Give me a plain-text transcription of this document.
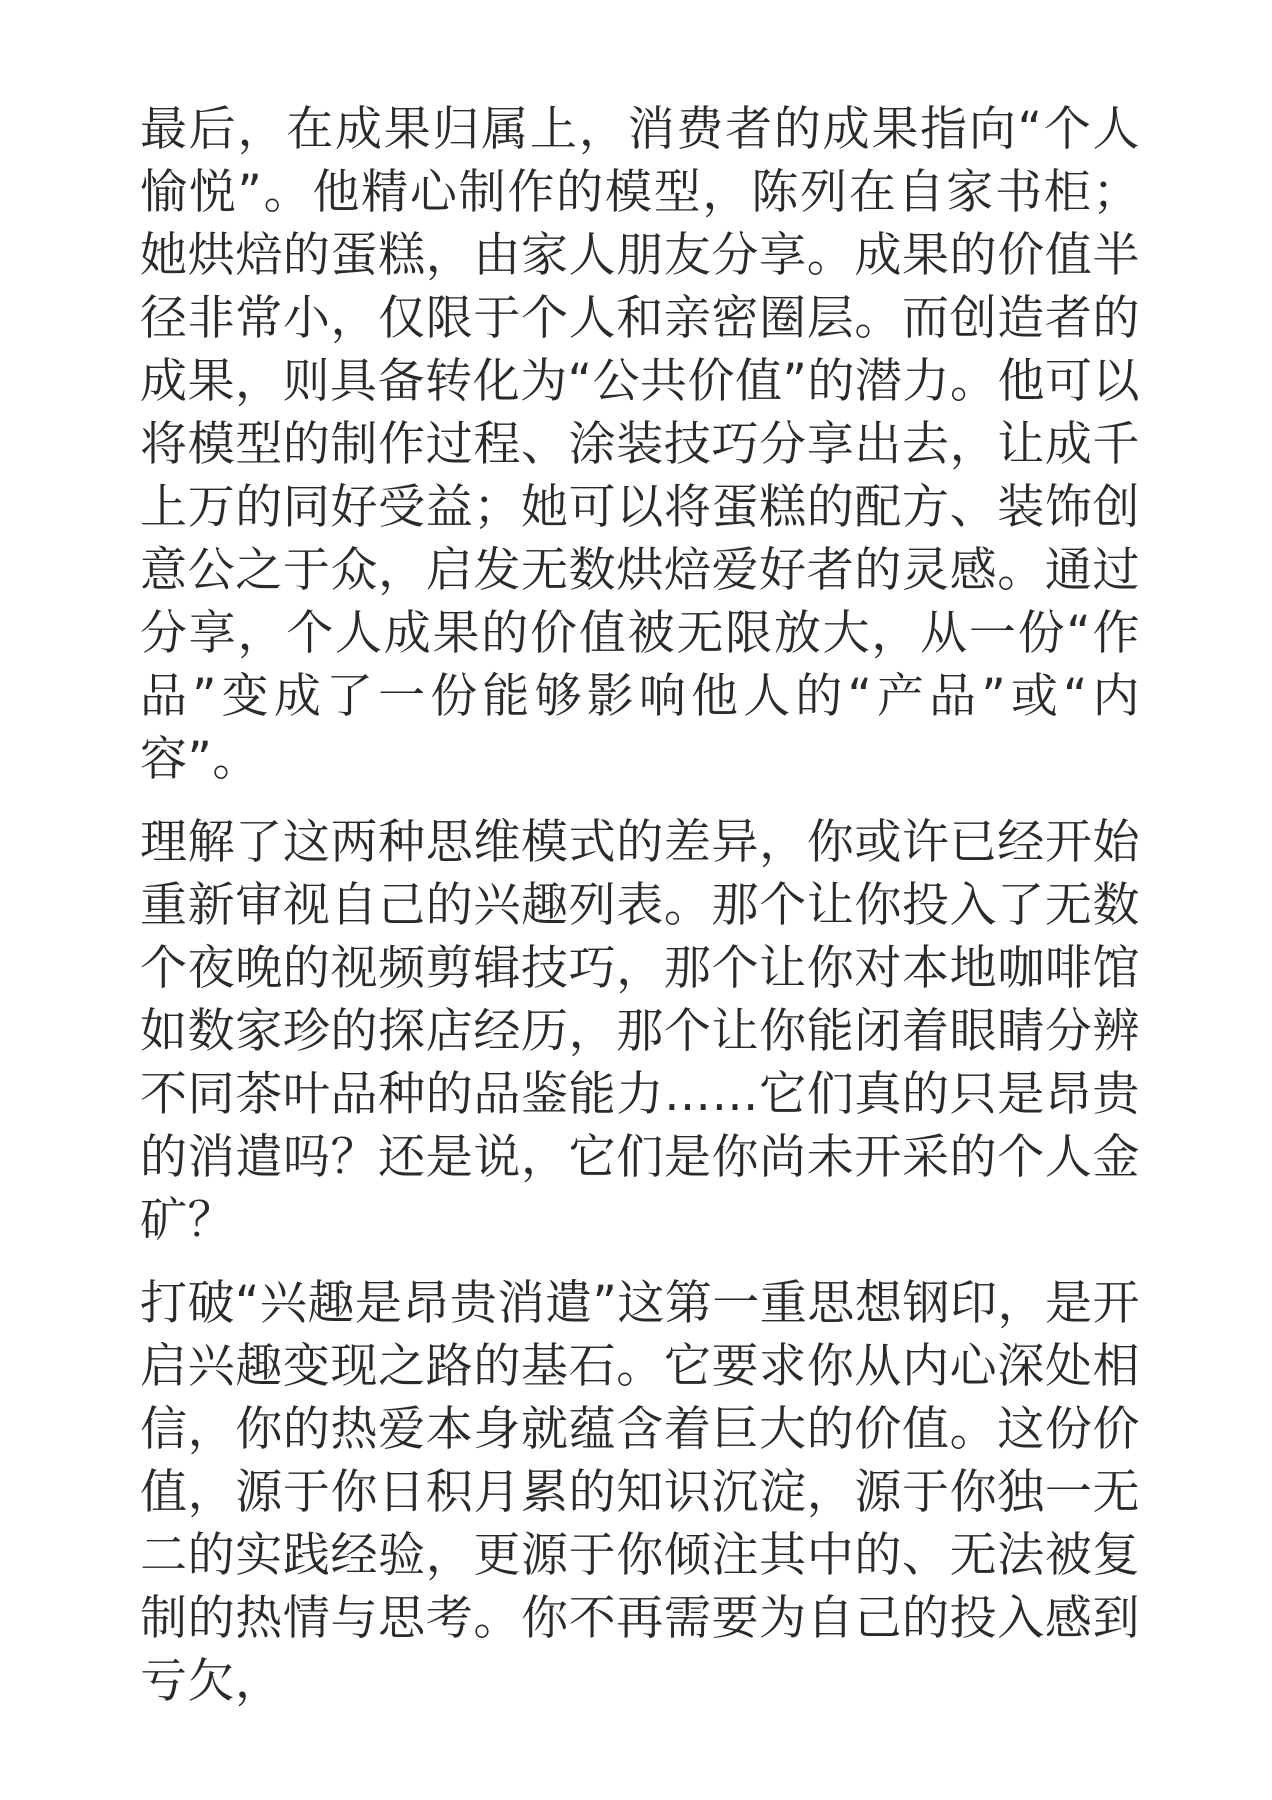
最后，在成果归属上，消费者的成果指向“个人愉悦”。他精心制作的模型，陈列在自家书柜；她烘焙的蛋糕，由家人朋友分享。成果的价值半径非常小，仅限于个人和亲密圈层。而创造者的成果，则具备转化为“公共价值”的潜力。他可以将模型的制作过程、涂装技巧分享出去，让成千上万的同好受益；她可以将蛋糕的配方、装饰创意公之于众，启发无数烘焙爱好者的灵感。通过分享，个人成果的价值被无限放大，从一份“作品”变成了一份能够影响他人的“产品”或“内容”。

理解了这两种思维模式的差异，你或许已经开始重新审视自己的兴趣列表。那个让你投入了无数个夜晚的视频剪辑技巧，那个让你对本地咖啡馆如数家珍的探店经历，那个让你能闭着眼睛分辨不同茶叶品种的品鉴能力……它们真的只是昂贵的消遣吗？还是说，它们是你尚未开采的个人金矿？

打破“兴趣是昂贵消遣”这第一重思想钢印，是开启兴趣变现之路的基石。它要求你从内心深处相信，你的热爱本身就蕴含着巨大的价值。这份价值，源于你日积月累的知识沉淀，源于你独一无二的实践经验，更源于你倾注其中的、无法被复制的热情与思考。你不再需要为自己的投入感到亏欠，
